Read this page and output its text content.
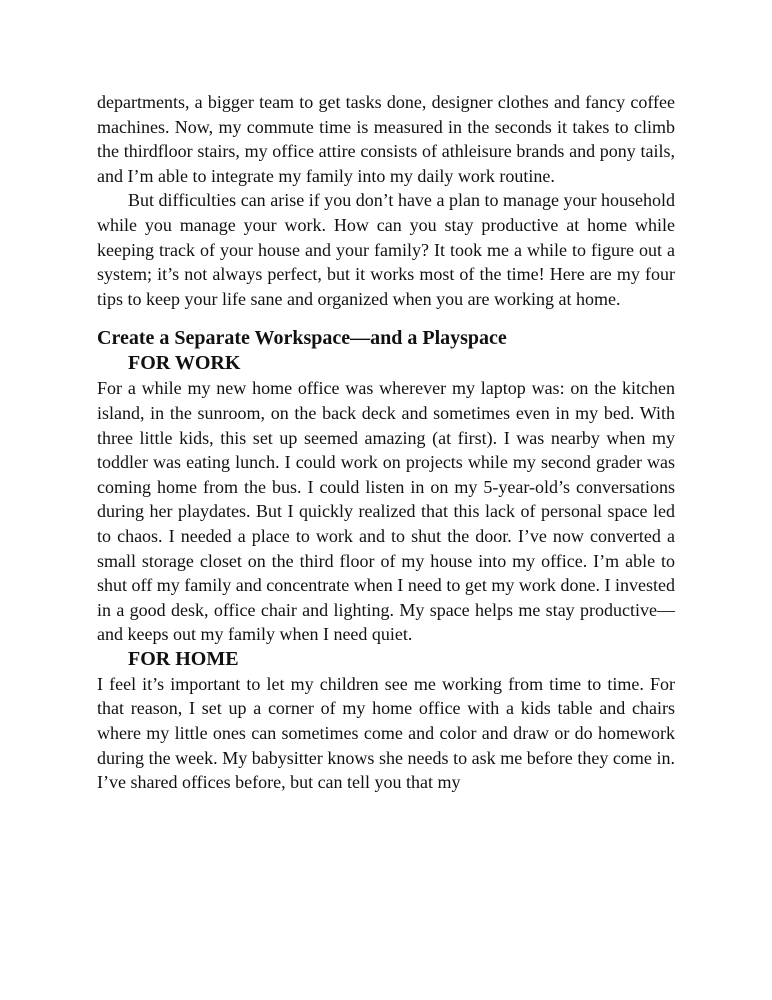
departments, a bigger team to get tasks done, designer clothes and fancy coffee machines. Now, my commute time is measured in the seconds it takes to climb the thirdfloor stairs, my office attire consists of athleisure brands and pony tails, and I’m able to integrate my family into my daily work routine.

But difficulties can arise if you don’t have a plan to manage your household while you manage your work. How can you stay productive at home while keeping track of your house and your family? It took me a while to figure out a system; it’s not always perfect, but it works most of the time! Here are my four tips to keep your life sane and organized when you are working at home.

Create a Separate Workspace—and a Playspace
FOR WORK

For a while my new home office was wherever my laptop was: on the kitchen island, in the sunroom, on the back deck and sometimes even in my bed. With three little kids, this set up seemed amazing (at first). I was nearby when my toddler was eating lunch. I could work on projects while my second grader was coming home from the bus. I could listen in on my 5-year-old’s conversations during her playdates. But I quickly realized that this lack of personal space led to chaos. I needed a place to work and to shut the door. I’ve now converted a small storage closet on the third floor of my house into my office. I’m able to shut off my family and concentrate when I need to get my work done. I invested in a good desk, office chair and lighting. My space helps me stay productive—and keeps out my family when I need quiet.

FOR HOME

I feel it’s important to let my children see me working from time to time. For that reason, I set up a corner of my home office with a kids table and chairs where my little ones can sometimes come and color and draw or do homework during the week. My babysitter knows she needs to ask me before they come in. I’ve shared offices before, but can tell you that my
